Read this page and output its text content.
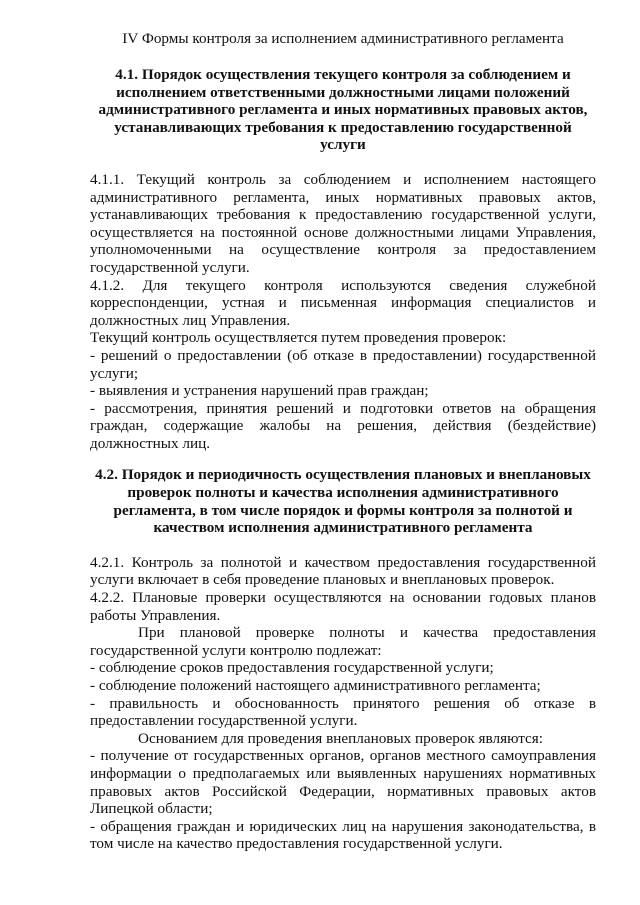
IV Формы контроля за исполнением административного регламента

4.1. Порядок осуществления текущего контроля за соблюдением и исполнением ответственными должностными лицами положений административного регламента и иных нормативных правовых актов, устанавливающих требования к предоставлению государственной услуги

4.1.1. Текущий контроль за соблюдением и исполнением настоящего административного регламента, иных нормативных правовых актов, устанавливающих требования к предоставлению государственной услуги, осуществляется на постоянной основе должностными лицами Управления, уполномоченными на осуществление контроля за предоставлением государственной услуги.

4.1.2. Для текущего контроля используются сведения служебной корреспонденции, устная и письменная информация специалистов и должностных лиц Управления.

Текущий контроль осуществляется путем проведения проверок:

- решений о предоставлении (об отказе в предоставлении) государственной услуги;

- выявления и устранения нарушений прав граждан;

- рассмотрения, принятия решений и подготовки ответов на обращения граждан, содержащие жалобы на решения, действия (бездействие) должностных лиц.

4.2. Порядок и периодичность осуществления плановых и внеплановых проверок полноты и качества исполнения административного регламента, в том числе порядок и формы контроля за полнотой и качеством исполнения административного регламента

4.2.1. Контроль за полнотой и качеством предоставления государственной услуги включает в себя проведение плановых и внеплановых проверок.

4.2.2. Плановые проверки осуществляются на основании годовых планов работы Управления.

При плановой проверке полноты и качества предоставления государственной услуги контролю подлежат:

- соблюдение сроков предоставления государственной услуги;

- соблюдение положений настоящего административного регламента;

- правильность и обоснованность принятого решения об отказе в предоставлении государственной услуги.

Основанием для проведения внеплановых проверок являются:

- получение от государственных органов, органов местного самоуправления информации о предполагаемых или выявленных нарушениях нормативных правовых актов Российской Федерации, нормативных правовых актов Липецкой области;

- обращения граждан и юридических лиц на нарушения законодательства, в том числе на качество предоставления государственной услуги.
